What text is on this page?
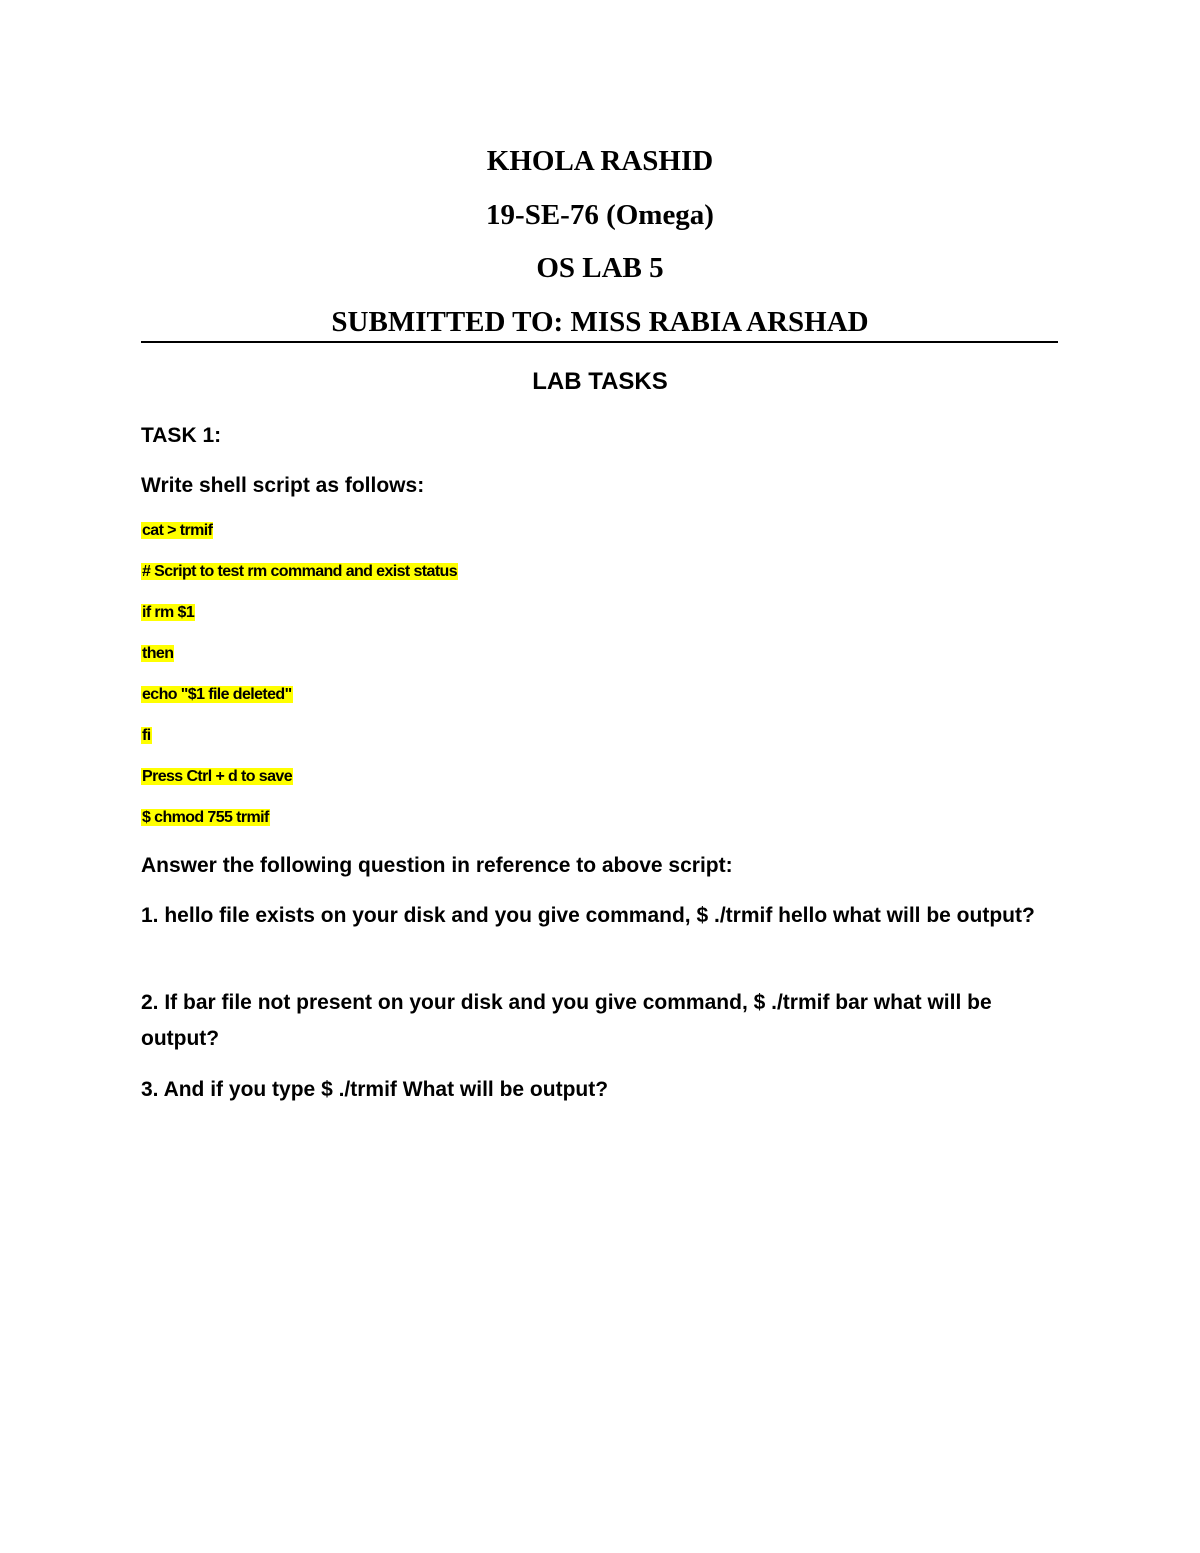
KHOLA RASHID
19-SE-76 (Omega)
OS LAB 5
SUBMITTED TO: MISS RABIA ARSHAD
LAB TASKS
TASK 1:
Write shell script as follows:
cat > trmif
# Script to test rm command and exist status
if rm $1
then
echo "$1 file deleted"
fi
Press Ctrl + d to save
$ chmod 755 trmif
Answer the following question in reference to above script:
1. hello file exists on your disk and you give command, $ ./trmif hello what will be output?
2. If bar file not present on your disk and you give command, $ ./trmif bar what will be output?
3. And if you type $ ./trmif What will be output?
